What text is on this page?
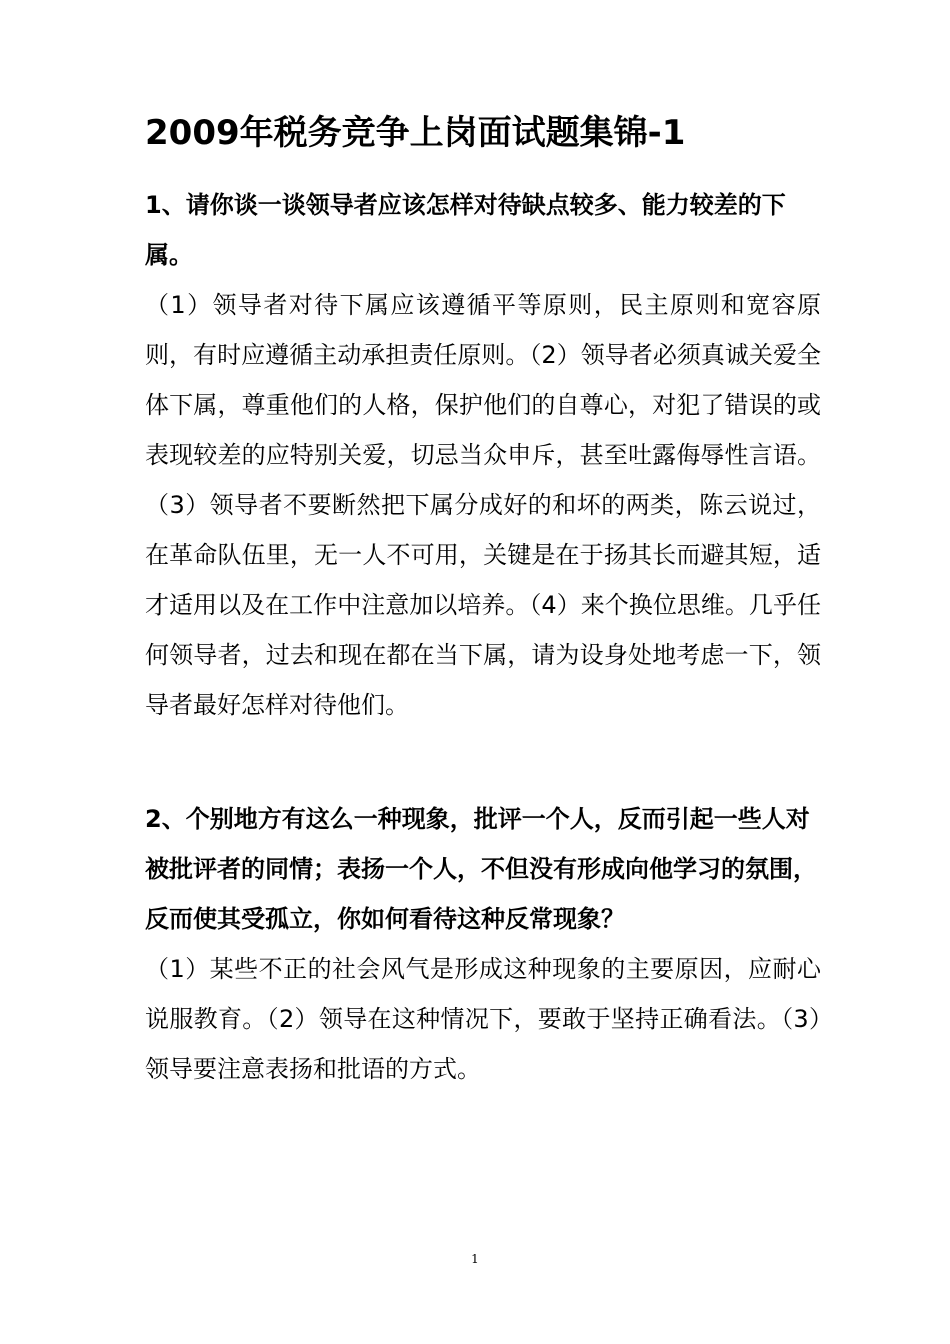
2009年税务竞争上岗面试题集锦-1

1、请你谈一谈领导者应该怎样对待缺点较多、能力较差的下属。

（1）领导者对待下属应该遵循平等原则，民主原则和宽容原则，有时应遵循主动承担责任原则。（2）领导者必须真诚关爱全体下属，尊重他们的人格，保护他们的自尊心，对犯了错误的或表现较差的应特别关爱，切忌当众申斥，甚至吐露侮辱性言语。（3）领导者不要断然把下属分成好的和坏的两类，陈云说过，在革命队伍里，无一人不可用，关键是在于扬其长而避其短，适才适用以及在工作中注意加以培养。（4）来个换位思维。几乎任何领导者，过去和现在都在当下属，请为设身处地考虑一下，领导者最好怎样对待他们。

2、个别地方有这么一种现象，批评一个人，反而引起一些人对被批评者的同情；表扬一个人，不但没有形成向他学习的氛围，反而使其受孤立，你如何看待这种反常现象？

（1）某些不正的社会风气是形成这种现象的主要原因，应耐心说服教育。（2）领导在这种情况下，要敢于坚持正确看法。（3）领导要注意表扬和批语的方式。

1
